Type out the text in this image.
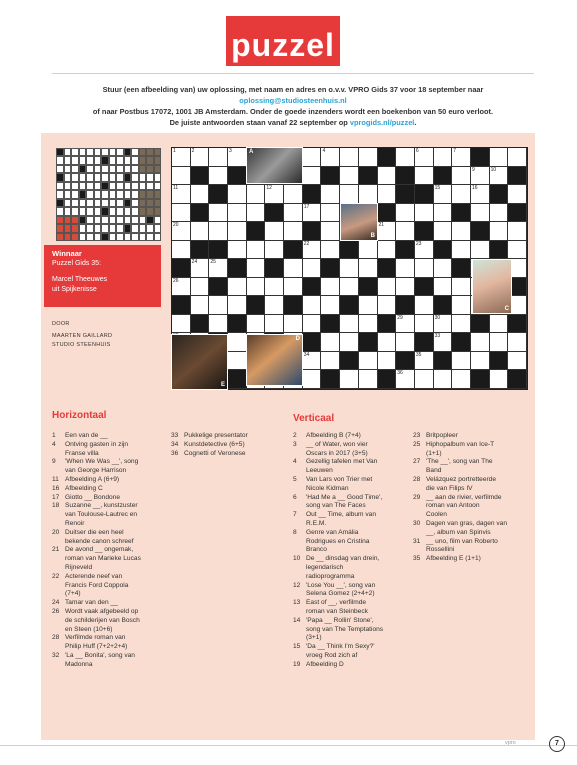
puzzel
Stuur (een afbeelding van) uw oplossing, met naam en adres en o.v.v. VPRO Gids 37 voor 18 september naar oplossing@studiosteenhuis.nl
of naar Postbus 17072, 1001 JB Amsterdam. Onder de goede inzenders wordt een boekenbon van 50 euro verloot.
De juiste antwoorden staan vanaf 22 september op vprogids.nl/puzzel.
Winnaar
Puzzel Gids 35:
Marcel Theeuwes
uit Spijkenisse
DOOR
MAARTEN GAILLARD
STUDIO STEENHUIS
1	2	3	4	6	7
9	10
11	12	15	16
17
20	21
22	23
24	25
26
29	30
33
34	35
36
A
B
C
D
E
Horizontaal
1	Een van de __
4	Ontving gasten in zijn
Franse villa
9	'When We Was __', song
van George Harrison
11 Afbeelding A (6+9)
16 Afbeelding C
17 Giotto __ Bondone
18 Suzanne __, kunstzuster
van Toulouse-Lautrec en
Renoir
20 Duitser die een heel
bekende canon schreef
21 De avond __ ongemak,
roman van Marieke Lucas
Rijneveld
22 Acterende neef van
Francis Ford Coppola
(7+4)
24 Tamar van den __
26 Wordt vaak afgebeeld op
de schilderijen van Bosch
en Steen (10+6)
28 Verfilmde roman van
Philip Huff (7+2+2+4)
32 'La __ Bonita', song van
Madonna
33 Pukkelige presentator
34 Kunstdetective (6+5)
36 Cognetti of Veronese
Verticaal
2	Afbeelding B (7+4)
3	__ of Water, won vier
Oscars in 2017 (3+5)
4	Gezellig tafelen met Van
Leeuwen
5	Van Lars von Trier met
Nicole Kidman
6	'Had Me a __ Good Time',
song van The Faces
7	Out __ Time, album van
R.E.M.
8	Genre van Amália
Rodrigues en Cristina
Branco
10 De __ dinsdag van drein,
legendarisch
radioprogramma
12 'Lose You __', song van
Selena Gomez (2+4+2)
13 East of __, verfilmde
roman van Steinbeck
14 'Papa __ Rollin' Stone',
song van The Temptations
(3+1)
15 'Da __ Think I'm Sexy?'
vroeg Rod zich af
19 Afbeelding D
23 Britpopleer
25 Hiphopalbum van Ice-T
(1+1)
27 'The __', song van The
Band
28 Velázquez portretteerde
die van Filips IV
29 __ aan de rivier, verfilmde
roman van Antoon
Coolen
30 Dagen van gras, dagen van
__, album van Spinvis
31 __ uno, film van Roberto
Rossellini
35 Afbeelding E (1+1)
vpro	7
